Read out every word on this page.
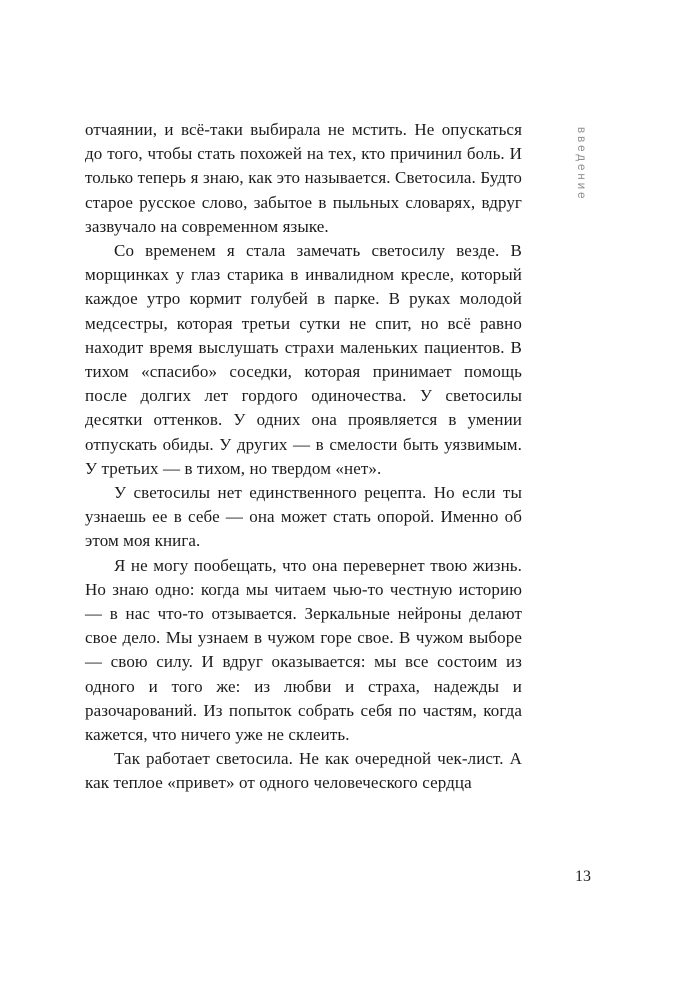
введение

отчаянии, и всё-таки выбирала не мстить. Не опускаться до того, чтобы стать похожей на тех, кто причинил боль. И только теперь я знаю, как это называется. Светосила. Будто старое русское слово, забытое в пыльных словарях, вдруг зазвучало на современном языке.

Со временем я стала замечать светосилу везде. В морщинках у глаз старика в инвалидном кресле, который каждое утро кормит голубей в парке. В руках молодой медсестры, которая третьи сутки не спит, но всё равно находит время выслушать страхи маленьких пациентов. В тихом «спасибо» соседки, которая принимает помощь после долгих лет гордого одиночества. У светосилы десятки оттенков. У одних она проявляется в умении отпускать обиды. У других — в смелости быть уязвимым. У третьих — в тихом, но твердом «нет».

У светосилы нет единственного рецепта. Но если ты узнаешь ее в себе — она может стать опорой. Именно об этом моя книга.

Я не могу пообещать, что она перевернет твою жизнь. Но знаю одно: когда мы читаем чью-то честную историю — в нас что-то отзывается. Зеркальные нейроны делают свое дело. Мы узнаем в чужом горе свое. В чужом выборе — свою силу. И вдруг оказывается: мы все состоим из одного и того же: из любви и страха, надежды и разочарований. Из попыток собрать себя по частям, когда кажется, что ничего уже не склеить.

Так работает светосила. Не как очередной чек-лист. А как теплое «привет» от одного человеческого сердца

13
